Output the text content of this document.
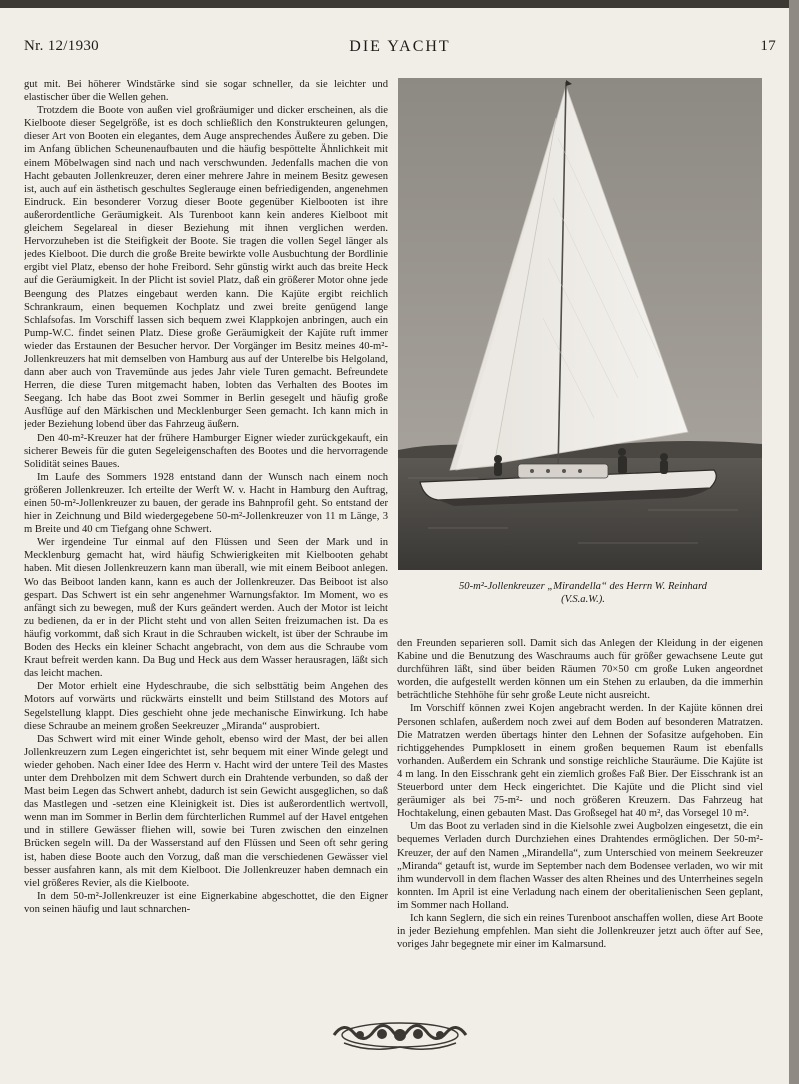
DIE YACHT
Nr. 12/1930	17

gut mit. Bei höherer Windstärke sind sie sogar schneller, da sie leichter und elastischer über die Wellen gehen.

Trotzdem die Boote von außen viel großräumiger und dicker erscheinen, als die Kielboote dieser Segelgröße, ist es doch schließlich den Konstrukteuren gelungen, dieser Art von Booten ein elegantes, dem Auge ansprechendes Äußere zu geben. Die im Anfang üblichen Scheunenaufbauten und die häufig bespöttelte Ähnlichkeit mit einem Möbelwagen sind nach und nach verschwunden. Jedenfalls machen die von Hacht gebauten Jollenkreuzer, deren einer mehrere Jahre in meinem Besitz gewesen ist, auch auf ein ästhetisch geschultes Seglerauge einen befriedigenden, angenehmen Eindruck. Ein besonderer Vorzug dieser Boote gegenüber Kielbooten ist ihre außerordentliche Geräumigkeit. Als Turenboot kann kein anderes Kielboot mit gleichem Segelareal in dieser Beziehung mit ihnen verglichen werden. Hervorzuheben ist die Steifigkeit der Boote. Sie tragen die vollen Segel länger als jedes Kielboot. Die durch die große Breite bewirkte volle Ausbuchtung der Bordlinie ergibt viel Platz, ebenso der hohe Freibord. Sehr günstig wirkt auch das breite Heck auf die Geräumigkeit. In der Plicht ist soviel Platz, daß ein größerer Motor ohne jede Beengung des Platzes eingebaut werden kann. Die Kajüte ergibt reichlich Schrankraum, einen bequemen Kochplatz und zwei breite genügend lange Schlafsofas. Im Vorschiff lassen sich bequem zwei Klappkojen anbringen, auch ein Pump-W.C. findet seinen Platz. Diese große Geräumigkeit der Kajüte ruft immer wieder das Erstaunen der Besucher hervor. Der Vorgänger im Besitz meines 40-m²-Jollenkreuzers hat mit demselben von Hamburg aus auf der Unterelbe bis Helgoland, dann aber auch von Travemünde aus jedes Jahr viele Turen gemacht. Befreundete Herren, die diese Turen mitgemacht haben, lobten das Verhalten des Bootes im Seegang. Ich habe das Boot zwei Sommer in Berlin gesegelt und häufig große Ausflüge auf den Märkischen und Mecklenburger Seen gemacht. Ich kann mich in jeder Beziehung lobend über das Fahrzeug äußern.

Den 40-m²-Kreuzer hat der frühere Hamburger Eigner wieder zurückgekauft, ein sicherer Beweis für die guten Segeleigenschaften des Bootes und die hervorragende Solidität seines Baues.

Im Laufe des Sommers 1928 entstand dann der Wunsch nach einem noch größeren Jollenkreuzer. Ich erteilte der Werft W. v. Hacht in Hamburg den Auftrag, einen 50-m²-Jollenkreuzer zu bauen, der gerade ins Bahnprofil geht. So entstand der hier in Zeichnung und Bild wiedergegebene 50-m²-Jollenkreuzer von 11 m Länge, 3 m Breite und 40 cm Tiefgang ohne Schwert.

Wer irgendeine Tur einmal auf den Flüssen und Seen der Mark und in Mecklenburg gemacht hat, wird häufig Schwierigkeiten mit Kielbooten gehabt haben. Mit diesen Jollenkreuzern kann man überall, wie mit einem Beiboot anlegen. Wo das Beiboot landen kann, kann es auch der Jollenkreuzer. Das Beiboot ist also gespart. Das Schwert ist ein sehr angenehmer Warnungsfaktor. Im Moment, wo es anfängt sich zu bewegen, muß der Kurs geändert werden. Auch der Motor ist leicht zu bedienen, da er in der Plicht steht und von allen Seiten freizumachen ist. Da es häufig vorkommt, daß sich Kraut in die Schrauben wickelt, ist über der Schraube im Boden des Hecks ein kleiner Schacht angebracht, von dem aus die Schraube vom Kraut befreit werden kann. Da Bug und Heck aus dem Wasser herausragen, läßt sich das leicht machen.

Der Motor erhielt eine Hydeschraube, die sich selbsttätig beim Angehen des Motors auf vorwärts und rückwärts einstellt und beim Stillstand des Motors auf Segelstellung klappt. Dies geschieht ohne jede mechanische Einwirkung. Ich habe diese Schraube an meinem großen Seekreuzer „Miranda“ ausprobiert.

Das Schwert wird mit einer Winde geholt, ebenso wird der Mast, der bei allen Jollenkreuzern zum Legen eingerichtet ist, sehr bequem mit einer Winde gelegt und wieder gehoben. Nach einer Idee des Herrn v. Hacht wird der untere Teil des Mastes unter dem Drehbolzen mit dem Schwert durch ein Drahtende verbunden, so daß der Mast beim Legen das Schwert anhebt, dadurch ist sein Gewicht ausgeglichen, so daß das Mastlegen und -setzen eine Kleinigkeit ist. Dies ist außerordentlich wertvoll, wenn man im Sommer in Berlin dem fürchterlichen Rummel auf der Havel entgehen und in stillere Gewässer fliehen will, sowie bei Turen zwischen den einzelnen Brücken segeln will. Da der Wasserstand auf den Flüssen und Seen oft sehr gering ist, haben diese Boote auch den Vorzug, daß man die verschiedenen Gewässer viel besser ausfahren kann, als mit dem Kielboot. Die Jollenkreuzer haben demnach ein viel größeres Revier, als die Kielboote.

In dem 50-m²-Jollenkreuzer ist eine Eignerkabine abgeschottet, die den Eigner von seinen häufig und laut schnarchen-

50-m²-Jollenkreuzer „Mirandella“ des Herrn W. Reinhard
(V.S.a.W.).

den Freunden separieren soll. Damit sich das Anlegen der Kleidung in der eigenen Kabine und die Benutzung des Waschraums auch für größer gewachsene Leute gut durchführen läßt, sind über beiden Räumen 70×50 cm große Luken angeordnet worden, die aufgestellt werden können um ein Stehen zu erlauben, da die immerhin beträchtliche Stehhöhe für sehr große Leute nicht ausreicht.

Im Vorschiff können zwei Kojen angebracht werden. In der Kajüte können drei Personen schlafen, außerdem noch zwei auf dem Boden auf besonderen Matratzen. Die Matratzen werden übertags hinter den Lehnen der Sofasitze aufgehoben. Ein richtiggehendes Pumpklosett in einem großen bequemen Raum ist ebenfalls vorhanden. Außerdem ein Schrank und sonstige reichliche Stauräume. Die Kajüte ist 4 m lang. In den Eisschrank geht ein ziemlich großes Faß Bier. Der Eisschrank ist an Steuerbord unter dem Heck eingerichtet. Die Kajüte und die Plicht sind viel geräumiger als bei 75-m²- und noch größeren Kreuzern. Das Fahrzeug hat Hochtakelung, einen gebauten Mast. Das Großsegel hat 40 m², das Vorsegel 10 m².

Um das Boot zu verladen sind in die Kielsohle zwei Augbolzen eingesetzt, die ein bequemes Verladen durch Durchziehen eines Drahtendes ermöglichen. Der 50-m²-Kreuzer, der auf den Namen „Mirandella“, zum Unterschied von meinem Seekreuzer „Miranda“ getauft ist, wurde im September nach dem Bodensee verladen, wo wir mit ihm wundervoll in dem flachen Wasser des alten Rheines und des Unterrheines segeln konnten. Im April ist eine Verladung nach einem der oberitalienischen Seen geplant, im Sommer nach Holland.

Ich kann Seglern, die sich ein reines Turenboot anschaffen wollen, diese Art Boote in jeder Beziehung empfehlen. Man sieht die Jollenkreuzer jetzt auch öfter auf See, voriges Jahr begegnete mir einer im Kalmarsund.
